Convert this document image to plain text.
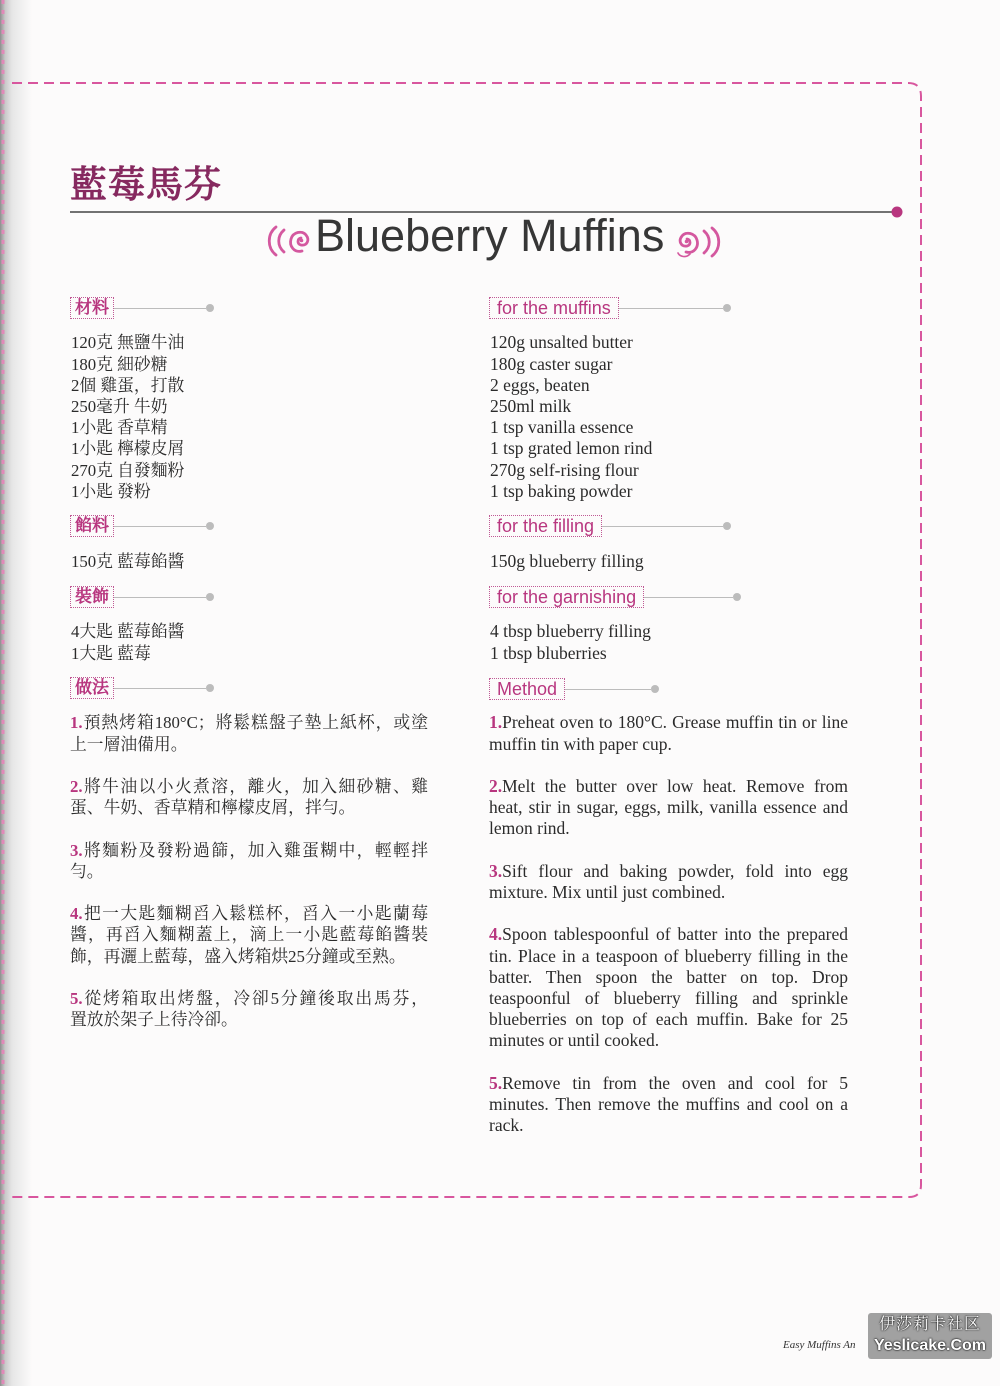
藍莓馬芬
Blueberry Muffins
材料
120克 無鹽牛油
180克 細砂糖
2個 雞蛋，打散
250毫升 牛奶
1小匙 香草精
1小匙 檸檬皮屑
270克 自發麵粉
1小匙 發粉
餡料
150克 藍莓餡醬
裝飾
4大匙 藍莓餡醬
1大匙 藍莓
做法
1.預熱烤箱180°C；將鬆糕盤子墊上紙杯，或塗
上一層油備用。
2.將牛油以小火煮溶，離火，加入細砂糖、雞
蛋、牛奶、香草精和檸檬皮屑，拌勻。
3.將麵粉及發粉過篩，加入雞蛋糊中，輕輕拌
勻。
4.把一大匙麵糊舀入鬆糕杯，舀入一小匙蘭莓
醬，再舀入麵糊蓋上，滴上一小匙藍莓餡醬裝
飾，再灑上藍莓，盛入烤箱烘25分鐘或至熟。
5.從烤箱取出烤盤，冷卻5分鐘後取出馬芬，
置放於架子上待冷卻。
for the muffins
120g unsalted butter
180g caster sugar
2 eggs, beaten
250ml milk
1 tsp vanilla essence
1 tsp grated lemon rind
270g self-rising flour
1 tsp baking powder
for the filling
150g blueberry filling
for the garnishing
4 tbsp blueberry filling
1 tbsp bluberries
Method
1.Preheat oven to 180°C. Grease muffin tin or line
muffin tin with paper cup.
2.Melt the butter over low heat. Remove from
heat, stir in sugar, eggs, milk, vanilla essence and
lemon rind.
3.Sift flour and baking powder, fold into egg
mixture. Mix until just combined.
4.Spoon tablespoonful of batter into the prepared
tin. Place in a teaspoon of blueberry filling in the
batter. Then spoon the batter on top. Drop
teaspoonful of blueberry filling and sprinkle
blueberries on top of each muffin. Bake for 25
minutes or until cooked.
5.Remove tin from the oven and cool for 5
minutes. Then remove the muffins and cool on a
rack.
Easy Muffins An
伊莎莉卡社区
Yeslicake.Com
